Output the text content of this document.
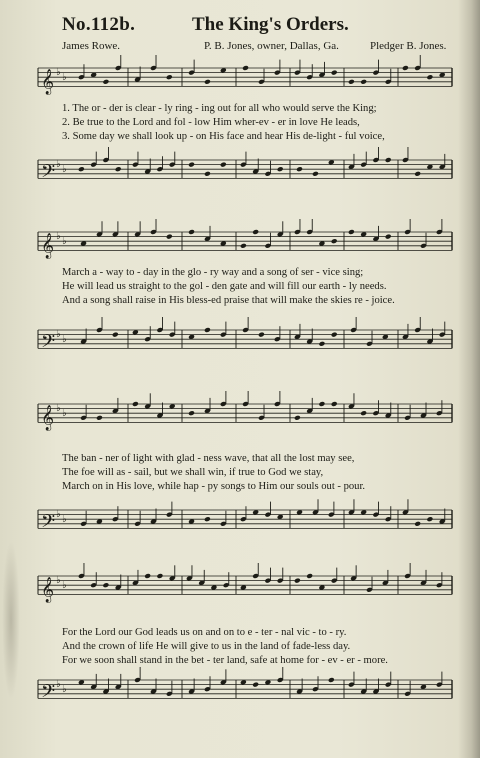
No.112b.	The King's Orders.
James Rowe.	P. B. Jones, owner, Dallas, Ga.	Pledger B. Jones.
𝄞 ♭ ♭
1. The or - der is clear - ly ring - ing out for all who would serve the King;
2. Be true to the Lord and fol - low Him wher-ev - er in love He leads,
3. Some day we shall look up - on His face and hear His de-light - ful voice,
𝄢 ♭ ♭
𝄞 ♭ ♭
March a - way to - day in the glo - ry way and a song of ser - vice sing;
He will lead us straight to the gol - den gate and will fill our earth - ly needs.
And a song shall raise in His bless-ed praise that will make the skies re - joice.
𝄢 ♭ ♭
𝄞 ♭ ♭
The ban - ner of light with glad - ness wave, that all the lost may see,
The foe will as - sail, but we shall win, if true to God we stay,
March on in His love, while hap - py songs to Him our souls out - pour.
𝄢 ♭ ♭
𝄞 ♭ ♭
For the Lord our God leads us on and on to e - ter - nal vic - to - ry.
And the crown of life He will give to us in the land of fade-less day.
For we soon shall stand in the bet - ter land, safe at home for - ev - er - more.
𝄢 ♭ ♭
